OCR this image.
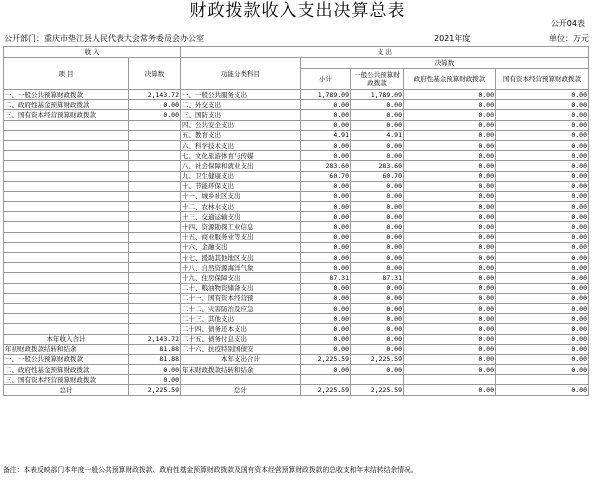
财政拨款收入支出决算总表
公开04表
公开部门：重庆市垫江县人民代表大会常务委员会办公室	2021年度	单位：万元
收 入		支 出				
项 目	决算数	功能分类科目	决算数			
			小计	一般公共预算财政拨款	政府性基金预算财政拨款	国有资本经营预算财政拨款
一、一般公共预算财政拨款	2,143.72	一、一般公共服务支出	1,789.09	1,789.09	0.00	0.00
二、政府性基金预算财政拨款	0.00	二、外交支出	0.00	0.00	0.00	0.00
三、国有资本经营预算财政拨款	0.00	三、国防支出	0.00	0.00	0.00	0.00
		四、公共安全支出	0.00	0.00	0.00	0.00
		五、教育支出	4.91	4.91	0.00	0.00
		六、科学技术支出	0.00	0.00	0.00	0.00
		七、文化旅游体育与传媒	0.00	0.00	0.00	0.00
		八、社会保障和就业支出	283.60	283.60	0.00	0.00
		九、卫生健康支出	60.70	60.70	0.00	0.00
		十、节能环保支出	0.00	0.00	0.00	0.00
		十一、城乡社区支出	0.00	0.00	0.00	0.00
		十二、农林水支出	0.00	0.00	0.00	0.00
		十三、交通运输支出	0.00	0.00	0.00	0.00
		十四、资源勘探工业信息	0.00	0.00	0.00	0.00
		十五、商业服务业等支出	0.00	0.00	0.00	0.00
		十六、金融支出	0.00	0.00	0.00	0.00
		十七、援助其他地区支出	0.00	0.00	0.00	0.00
		十八、自然资源海洋气象	0.00	0.00	0.00	0.00
		十九、住房保障支出	87.31	87.31	0.00	0.00
		二十、粮油物资储备支出	0.00	0.00	0.00	0.00
		二十一、国有资本经营预	0.00	0.00	0.00	0.00
		二十二、灾害防治及应急	0.00	0.00	0.00	0.00
		二十三、其他支出	0.00	0.00	0.00	0.00
		二十四、债务还本支出	0.00	0.00	0.00	0.00
本年收入合计	2,143.72	二十五、债务付息支出	0.00	0.00	0.00	0.00
年初财政拨款结转和结余	81.88	二十六、抗疫特别国债安	0.00	0.00	0.00	0.00
一、一般公共预算财政拨款	81.88	本年支出合计	2,225.59	2,225.59	0.00	0.00
二、政府性基金预算财政拨款	0.00	年末财政拨款结转和结余	0.00	0.00	0.00	0.00
三、国有资本经营预算财政拨款	0.00					
总计	2,225.59	总计	2,225.59	2,225.59	0.00	0.00
备注：本表反映部门本年度一般公共预算财政拨款、政府性基金预算财政拨款及国有资本经营预算财政拨款的总收支和年末结转结余情况。
